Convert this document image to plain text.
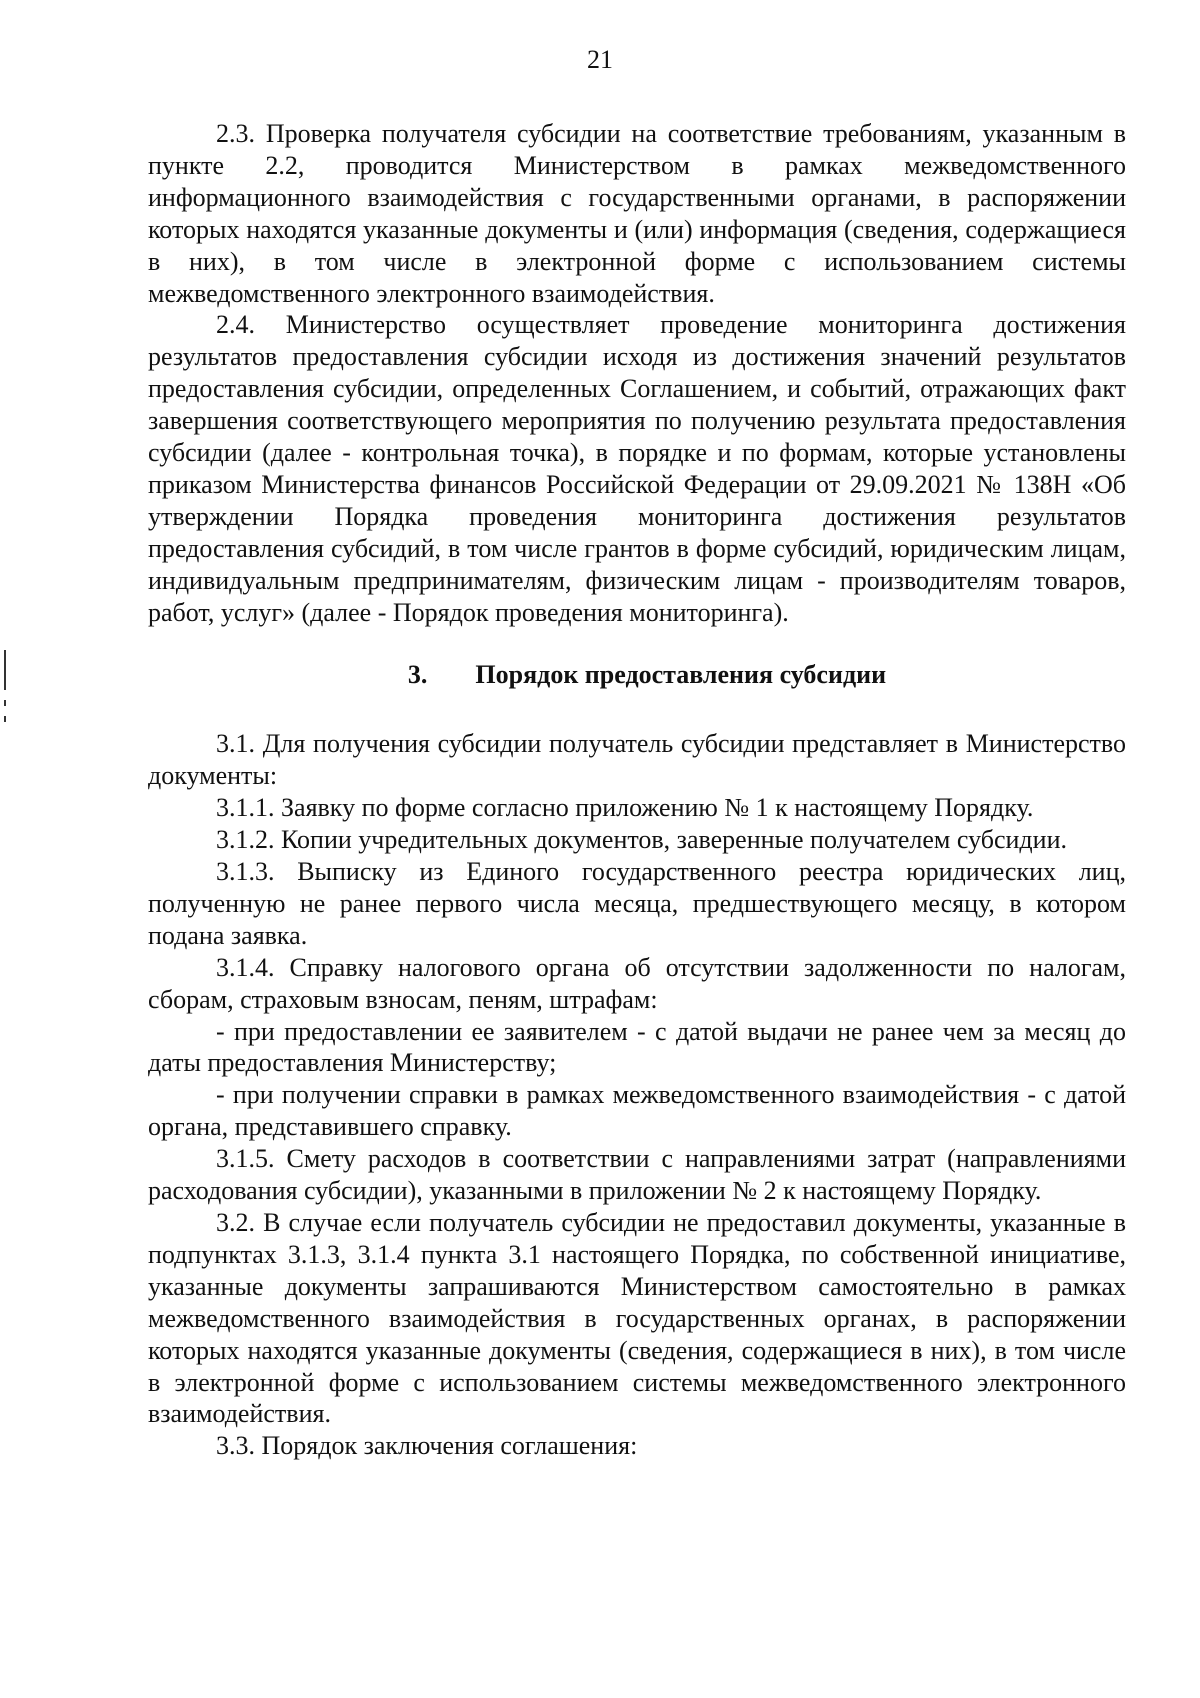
21

2.3. Проверка получателя субсидии на соответствие требованиям, указанным в пункте 2.2, проводится Министерством в рамках межведомственного информационного взаимодействия с государственными органами, в распоряжении которых находятся указанные документы и (или) информация (сведения, содержащиеся в них), в том числе в электронной форме с использованием системы межведомственного электронного взаимодействия.

2.4. Министерство осуществляет проведение мониторинга достижения результатов предоставления субсидии исходя из достижения значений результатов предоставления субсидии, определенных Соглашением, и событий, отражающих факт завершения соответствующего мероприятия по получению результата предоставления субсидии (далее - контрольная точка), в порядке и по формам, которые установлены приказом Министерства финансов Российской Федерации от 29.09.2021 № 138Н «Об утверждении Порядка проведения мониторинга достижения результатов предоставления субсидий, в том числе грантов в форме субсидий, юридическим лицам, индивидуальным предпринимателям, физическим лицам - производителям товаров, работ, услуг» (далее - Порядок проведения мониторинга).

3. Порядок предоставления субсидии

3.1. Для получения субсидии получатель субсидии представляет в Министерство документы:

3.1.1. Заявку по форме согласно приложению № 1 к настоящему Порядку.

3.1.2. Копии учредительных документов, заверенные получателем субсидии.

3.1.3. Выписку из Единого государственного реестра юридических лиц, полученную не ранее первого числа месяца, предшествующего месяцу, в котором подана заявка.

3.1.4. Справку налогового органа об отсутствии задолженности по налогам, сборам, страховым взносам, пеням, штрафам:

- при предоставлении ее заявителем - с датой выдачи не ранее чем за месяц до даты предоставления Министерству;

- при получении справки в рамках межведомственного взаимодействия - с датой органа, представившего справку.

3.1.5. Смету расходов в соответствии с направлениями затрат (направлениями расходования субсидии), указанными в приложении № 2 к настоящему Порядку.

3.2. В случае если получатель субсидии не предоставил документы, указанные в подпунктах 3.1.3, 3.1.4 пункта 3.1 настоящего Порядка, по собственной инициативе, указанные документы запрашиваются Министерством самостоятельно в рамках межведомственного взаимодействия в государственных органах, в распоряжении которых находятся указанные документы (сведения, содержащиеся в них), в том числе в электронной форме с использованием системы межведомственного электронного взаимодействия.

3.3. Порядок заключения соглашения:
